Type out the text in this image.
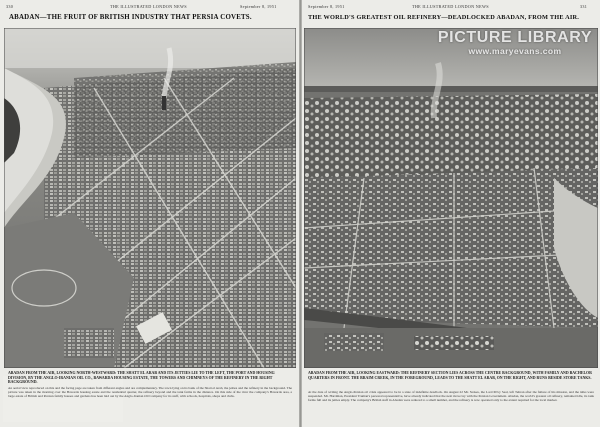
330	THE ILLUSTRATED LONDON NEWS	September 8, 1951
ABADAN—THE FRUIT OF BRITISH INDUSTRY THAT PERSIA COVETS.
ABADAN FROM THE AIR, LOOKING NORTH-WESTWARD: THE SHATT EL ARAB AND ITS JETTIES LIE TO THE LEFT, THE PORT AND HOUSING DIVISION, BY THE ANGLO-IRANIAN OIL CO., BAWARDA HOUSING ESTATE, THE TOWERS AND CHIMNEYS OF THE REFINERY IN THE RIGHT BACKGROUND.
An aerial view reproduced on this and the facing page are taken from different angles and are complementary. The town lying on its bank of the Shatt el Arab, the jetties and the refinery in the background. The picture was taken in the morning over the Bawarda housing estate and the residential quarter, the refinery beyond and the tank farms in the distance. On this side of the river the company's Bawarda area, a large estate of British and Persian family houses and gardens has been laid out by the Anglo-Iranian Oil Company for its staff, with schools, hospitals, shops and clubs.
September 8, 1951	THE ILLUSTRATED LONDON NEWS	331
THE WORLD'S GREATEST OIL REFINERY—DEADLOCKED ABADAN, FROM THE AIR.
PICTURE LIBRARY
www.maryevans.com
ABADAN FROM THE AIR, LOOKING EASTWARD: THE REFINERY SECTION LIES ACROSS THE CENTRE BACKGROUND, WITH FAMILY AND BACHELOR QUARTERS IN FRONT. THE BRAIM CREEK, IN THE FOREGROUND, LEADS TO THE SHATT EL ARAB, ON THE RIGHT, AND RUNS BESIDE STORE TANKS.
At the date of writing the Anglo-Persian oil crisis appeared to be in a state of indefinite deadlock. On August 22 Mr. Stokes, the Lord Privy Seal, left Tehran after the failure of his mission, and the talks were suspended. Mr. Harriman, President Truman's personal representative, have already indicated that the next move lay with the Persian Government. Abadan, the world's greatest oil refinery, remained idle, its tank farms full and its jetties empty. The company's British staff in Abadan were reduced to a small number, and the refinery is now operated only to the extent required for the local market.
